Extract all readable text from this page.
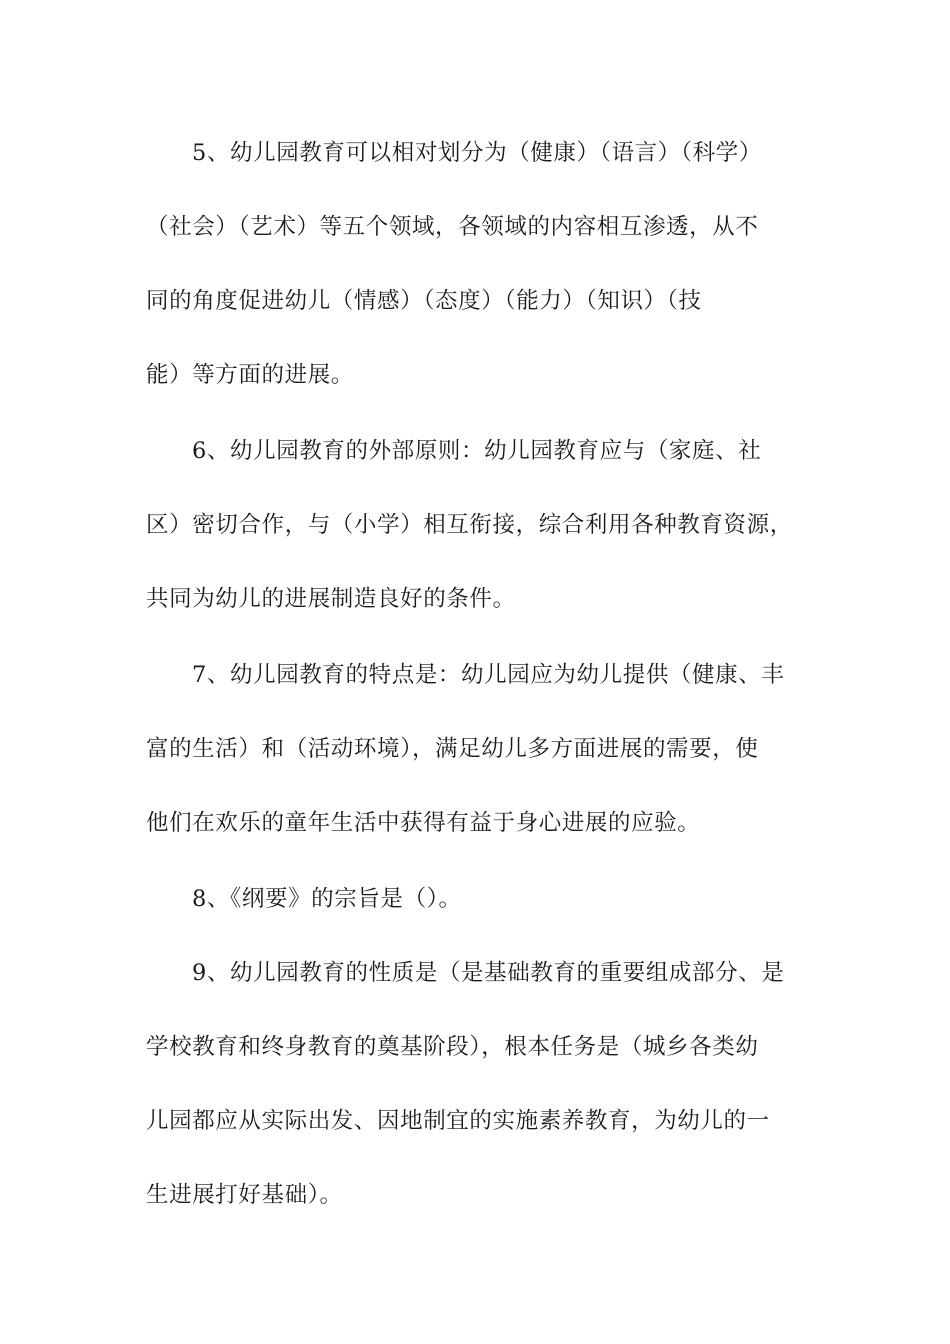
5、幼儿园教育可以相对划分为（健康）（语言）（科学）
（社会）（艺术）等五个领域，各领域的内容相互渗透，从不
同的角度促进幼儿（情感）（态度）（能力）（知识）（技
能）等方面的进展。
6、幼儿园教育的外部原则：幼儿园教育应与（家庭、社
区）密切合作，与（小学）相互衔接，综合利用各种教育资源，
共同为幼儿的进展制造良好的条件。
7、幼儿园教育的特点是：幼儿园应为幼儿提供（健康、丰
富的生活）和（活动环境），满足幼儿多方面进展的需要，使
他们在欢乐的童年生活中获得有益于身心进展的应验。
8、《纲要》的宗旨是（）。
9、幼儿园教育的性质是（是基础教育的重要组成部分、是
学校教育和终身教育的奠基阶段），根本任务是（城乡各类幼
儿园都应从实际出发、因地制宜的实施素养教育，为幼儿的一
生进展打好基础）。
